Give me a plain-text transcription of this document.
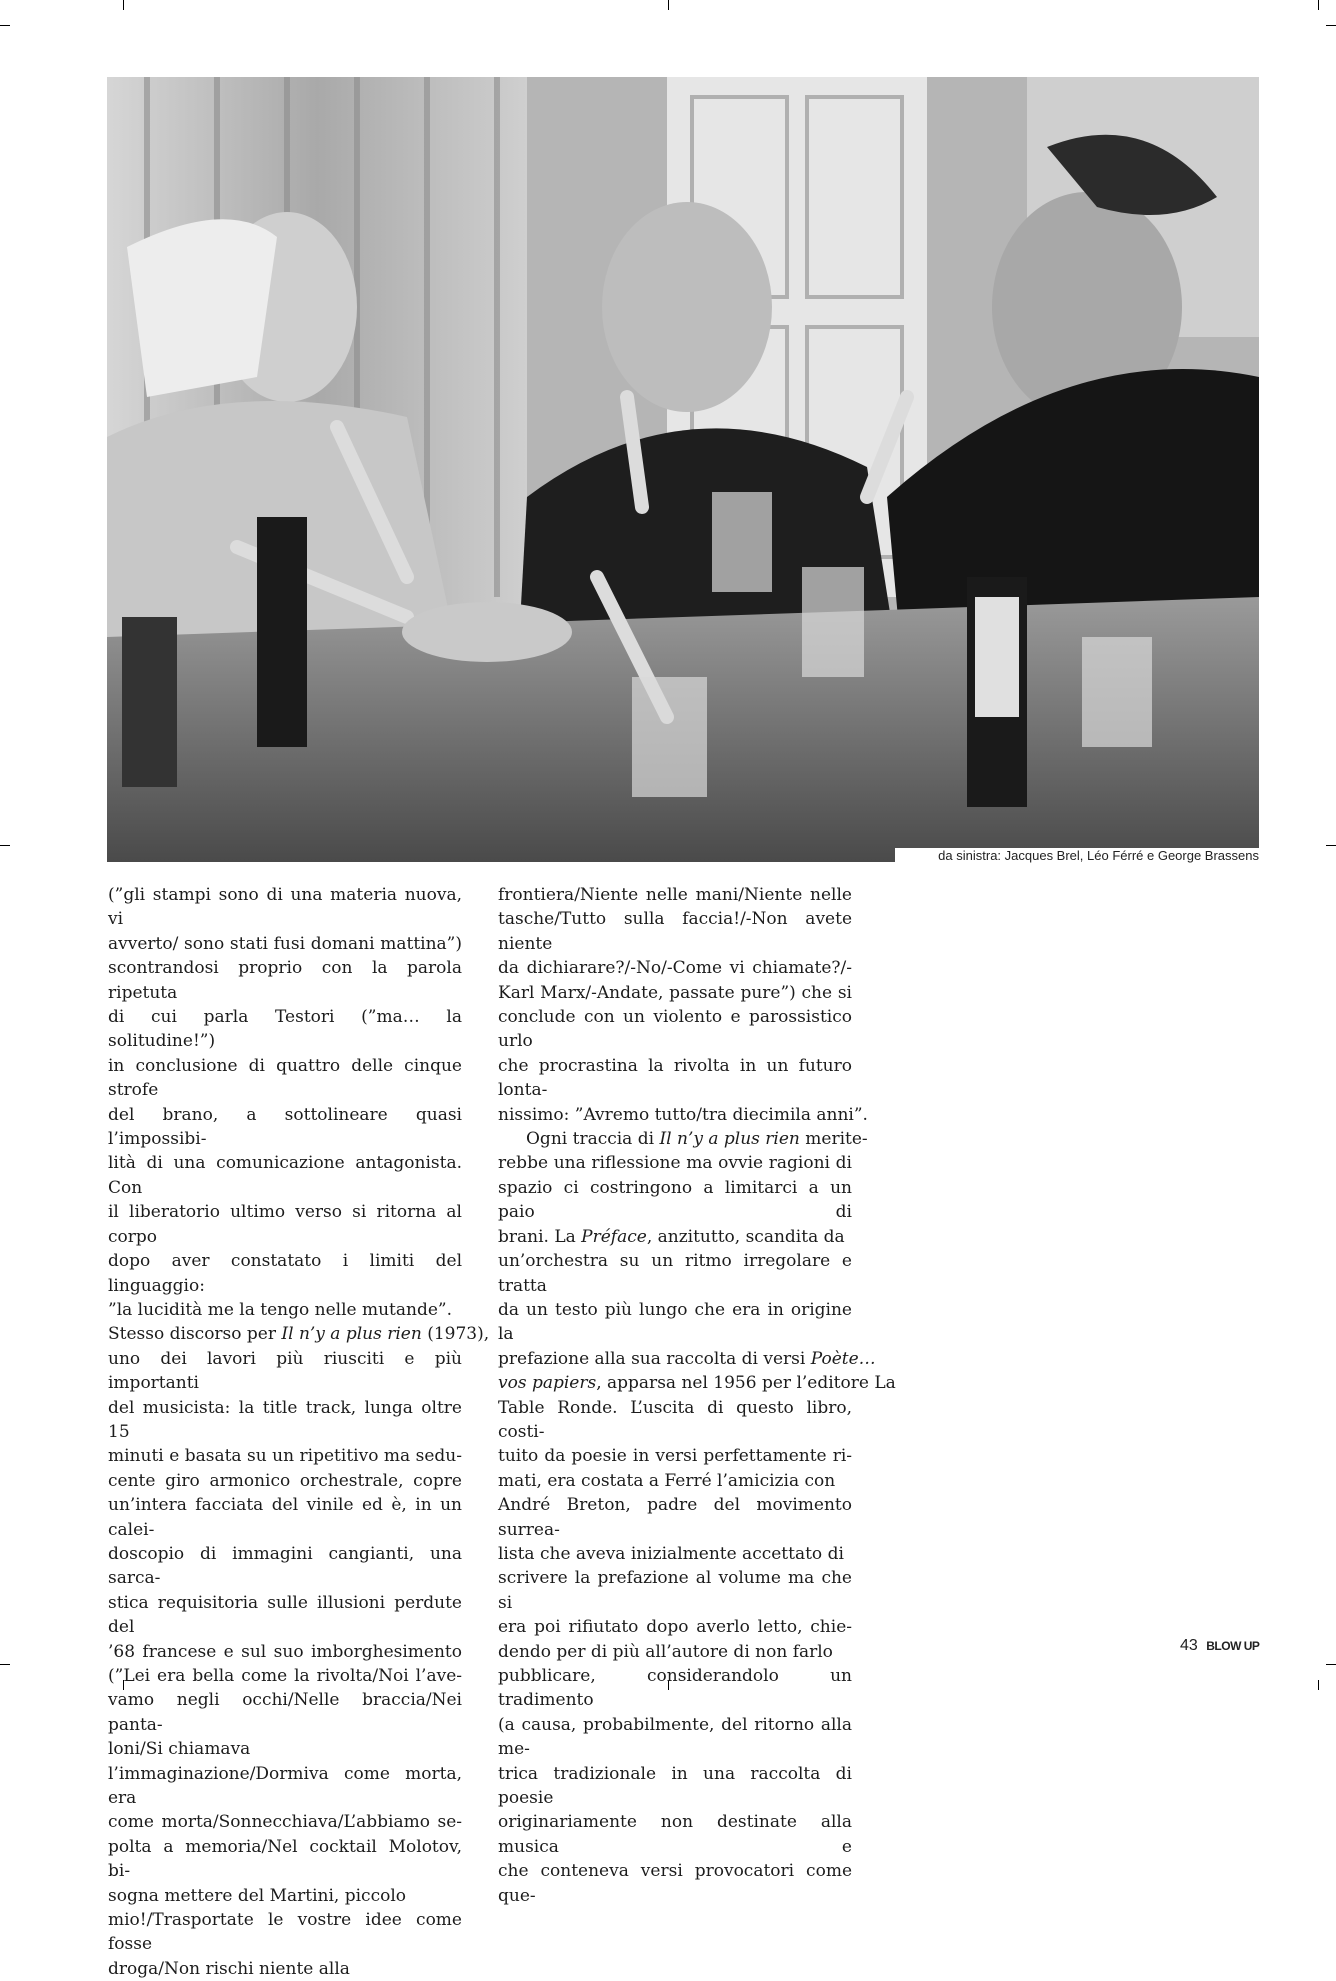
da sinistra: Jacques Brel, Léo Férré e George Brassens
(”gli stampi sono di una materia nuova, vi
avverto/ sono stati fusi domani mattina”)
scontrandosi proprio con la parola ripetuta
di cui parla Testori (”ma… la solitudine!”)
in conclusione di quattro delle cinque strofe
del brano, a sottolineare quasi l’impossibi-
lità di una comunicazione antagonista. Con
il liberatorio ultimo verso si ritorna al corpo
dopo aver constatato i limiti del linguaggio:
”la lucidità me la tengo nelle mutande”.
Stesso discorso per Il n’y a plus rien (1973),
uno dei lavori più riusciti e più importanti
del musicista: la title track, lunga oltre 15
minuti e basata su un ripetitivo ma sedu-
cente giro armonico orchestrale, copre
un’intera facciata del vinile ed è, in un calei-
doscopio di immagini cangianti, una sarca-
stica requisitoria sulle illusioni perdute del
’68 francese e sul suo imborghesimento
(”Lei era bella come la rivolta/Noi l’ave-
vamo negli occhi/Nelle braccia/Nei panta-
loni/Si chiamava
l’immaginazione/Dormiva come morta, era
come morta/Sonnecchiava/L’abbiamo se-
polta a memoria/Nel cocktail Molotov, bi-
sogna mettere del Martini, piccolo
mio!/Trasportate le vostre idee come fosse
droga/Non rischi niente alla
frontiera/Niente nelle mani/Niente nelle
tasche/Tutto sulla faccia!/-Non avete niente
da dichiarare?/-No/-Come vi chiamate?/-
Karl Marx/-Andate, passate pure”) che si
conclude con un violento e parossistico urlo
che procrastina la rivolta in un futuro lonta-
nissimo: ”Avremo tutto/tra diecimila anni”.
Ogni traccia di Il n’y a plus rien merite-
rebbe una riflessione ma ovvie ragioni di
spazio ci costringono a limitarci a un paio di
brani. La Préface, anzitutto, scandita da
un’orchestra su un ritmo irregolare e tratta
da un testo più lungo che era in origine la
prefazione alla sua raccolta di versi Poète…
vos papiers, apparsa nel 1956 per l’editore La
Table Ronde. L’uscita di questo libro, costi-
tuito da poesie in versi perfettamente ri-
mati, era costata a Ferré l’amicizia con
André Breton, padre del movimento surrea-
lista che aveva inizialmente accettato di
scrivere la prefazione al volume ma che si
era poi rifiutato dopo averlo letto, chie-
dendo per di più all’autore di non farlo
pubblicare, considerandolo un tradimento
(a causa, probabilmente, del ritorno alla me-
trica tradizionale in una raccolta di poesie
originariamente non destinate alla musica e
che conteneva versi provocatori come que-
43 BLOW UP
